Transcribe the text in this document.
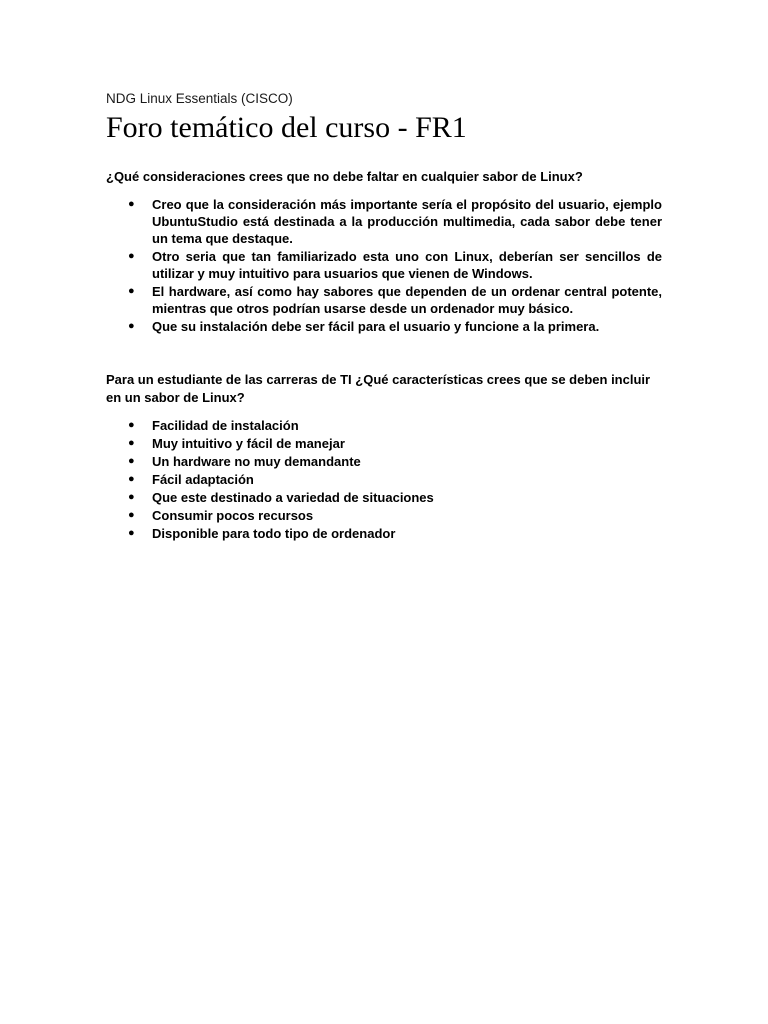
NDG Linux Essentials (CISCO)

Foro temático del curso - FR1

¿Qué consideraciones crees que no debe faltar en cualquier sabor de Linux?

● Creo que la consideración más importante sería el propósito del usuario, ejemplo UbuntuStudio está destinada a la producción multimedia, cada sabor debe tener un tema que destaque.
● Otro seria que tan familiarizado esta uno con Linux, deberían ser sencillos de utilizar y muy intuitivo para usuarios que vienen de Windows.
● El hardware, así como hay sabores que dependen de un ordenar central potente, mientras que otros podrían usarse desde un ordenador muy básico.
● Que su instalación debe ser fácil para el usuario y funcione a la primera.

Para un estudiante de las carreras de TI ¿Qué características crees que se deben incluir en un sabor de Linux?

● Facilidad de instalación
● Muy intuitivo y fácil de manejar
● Un hardware no muy demandante
● Fácil adaptación
● Que este destinado a variedad de situaciones
● Consumir pocos recursos
● Disponible para todo tipo de ordenador
